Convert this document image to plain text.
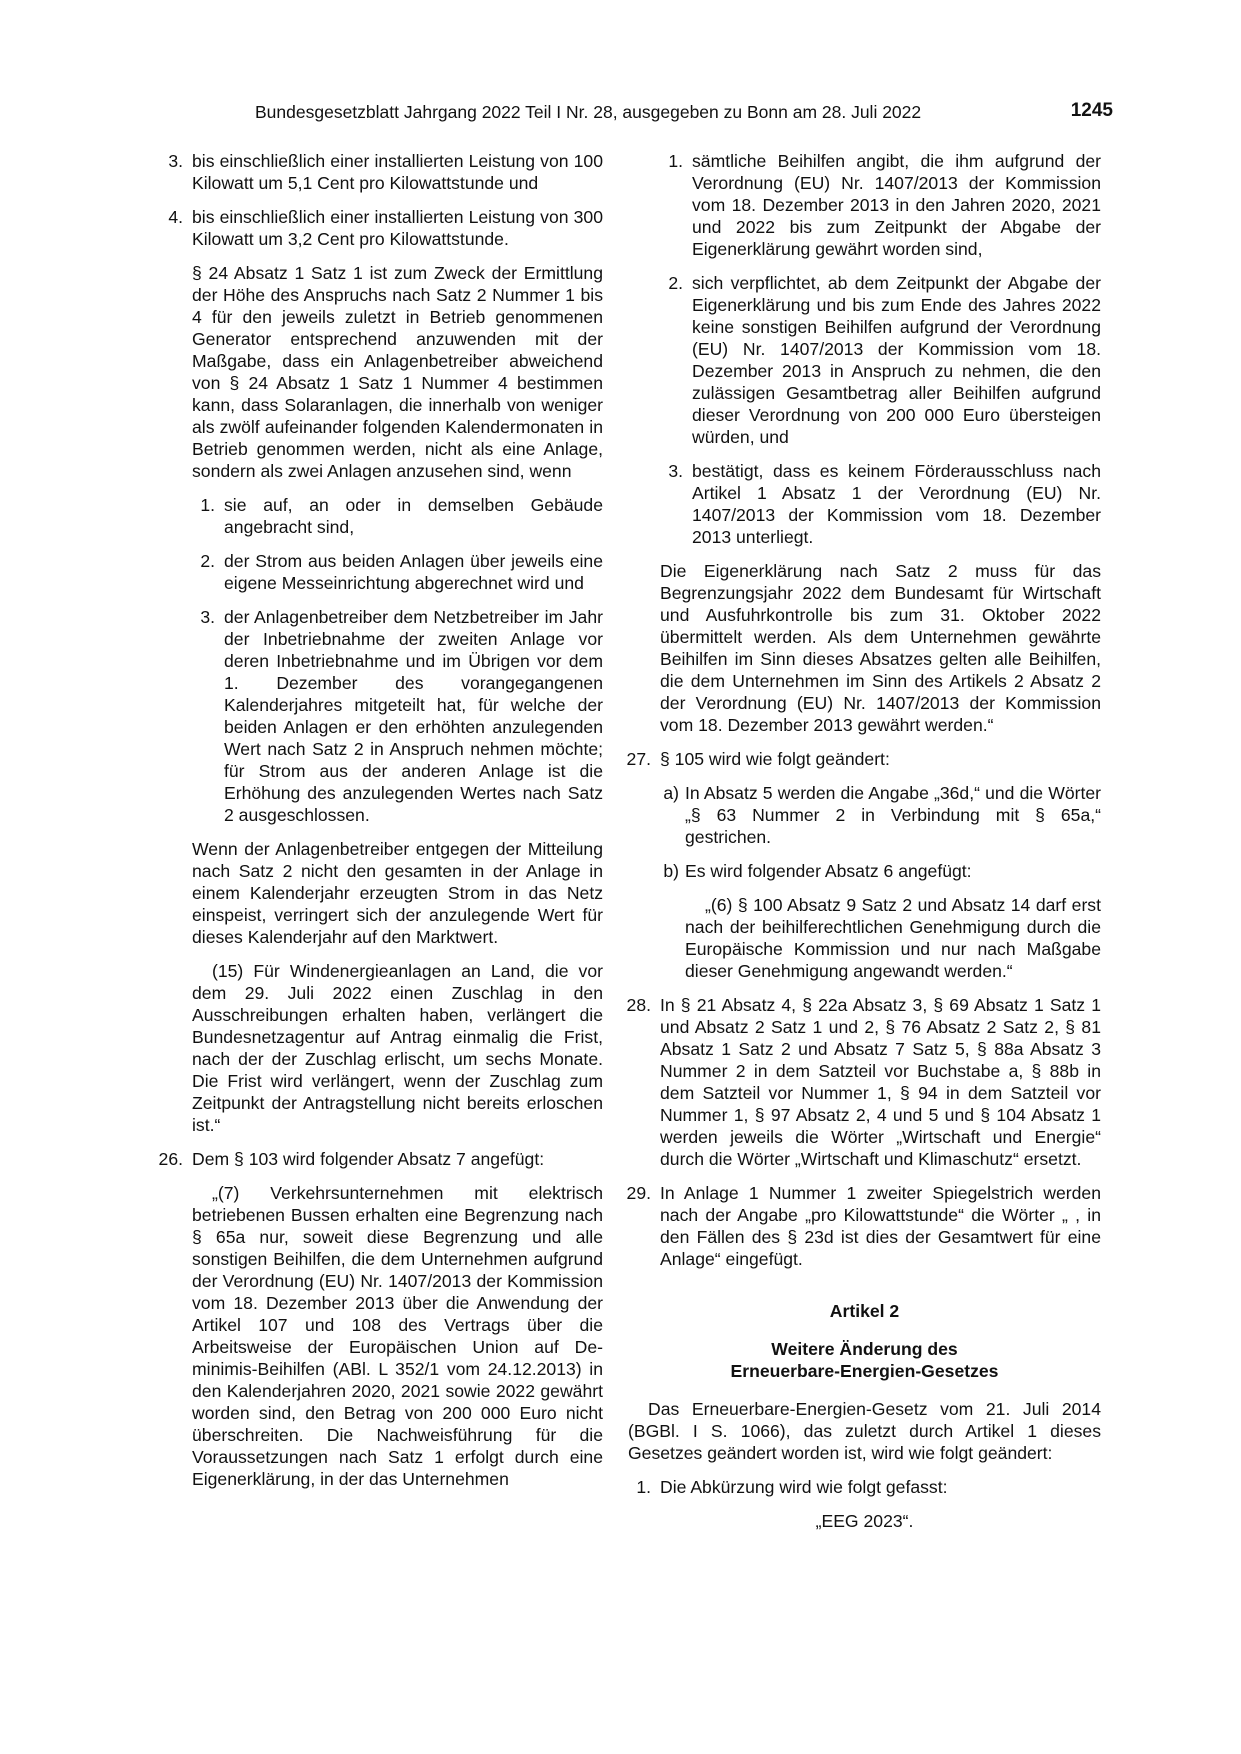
Bundesgesetzblatt Jahrgang 2022 Teil I Nr. 28, ausgegeben zu Bonn am 28. Juli 2022	1245
3. bis einschließlich einer installierten Leistung von 100 Kilowatt um 5,1 Cent pro Kilowattstunde und

4. bis einschließlich einer installierten Leistung von 300 Kilowatt um 3,2 Cent pro Kilowattstunde.

§ 24 Absatz 1 Satz 1 ist zum Zweck der Ermittlung der Höhe des Anspruchs nach Satz 2 Nummer 1 bis 4 für den jeweils zuletzt in Betrieb genommenen Generator entsprechend anzuwenden mit der Maßgabe, dass ein Anlagenbetreiber abweichend von § 24 Absatz 1 Satz 1 Nummer 4 bestimmen kann, dass Solaranlagen, die innerhalb von weniger als zwölf aufeinander folgenden Kalendermonaten in Betrieb genommen werden, nicht als eine Anlage, sondern als zwei Anlagen anzusehen sind, wenn

1. sie auf, an oder in demselben Gebäude angebracht sind,

2. der Strom aus beiden Anlagen über jeweils eine eigene Messeinrichtung abgerechnet wird und

3. der Anlagenbetreiber dem Netzbetreiber im Jahr der Inbetriebnahme der zweiten Anlage vor deren Inbetriebnahme und im Übrigen vor dem 1. Dezember des vorangegangenen Kalenderjahres mitgeteilt hat, für welche der beiden Anlagen er den erhöhten anzulegenden Wert nach Satz 2 in Anspruch nehmen möchte; für Strom aus der anderen Anlage ist die Erhöhung des anzulegenden Wertes nach Satz 2 ausgeschlossen.

Wenn der Anlagenbetreiber entgegen der Mitteilung nach Satz 2 nicht den gesamten in der Anlage in einem Kalenderjahr erzeugten Strom in das Netz einspeist, verringert sich der anzulegende Wert für dieses Kalenderjahr auf den Marktwert.

(15) Für Windenergieanlagen an Land, die vor dem 29. Juli 2022 einen Zuschlag in den Ausschreibungen erhalten haben, verlängert die Bundesnetzagentur auf Antrag einmalig die Frist, nach der der Zuschlag erlischt, um sechs Monate. Die Frist wird verlängert, wenn der Zuschlag zum Zeitpunkt der Antragstellung nicht bereits erloschen ist.“

26. Dem § 103 wird folgender Absatz 7 angefügt:

„(7) Verkehrsunternehmen mit elektrisch betriebenen Bussen erhalten eine Begrenzung nach § 65a nur, soweit diese Begrenzung und alle sonstigen Beihilfen, die dem Unternehmen aufgrund der Verordnung (EU) Nr. 1407/2013 der Kommission vom 18. Dezember 2013 über die Anwendung der Artikel 107 und 108 des Vertrags über die Arbeitsweise der Europäischen Union auf De-minimis-Beihilfen (ABl. L 352/1 vom 24.12.2013) in den Kalenderjahren 2020, 2021 sowie 2022 gewährt worden sind, den Betrag von 200 000 Euro nicht überschreiten. Die Nachweisführung für die Voraussetzungen nach Satz 1 erfolgt durch eine Eigenerklärung, in der das Unternehmen

1. sämtliche Beihilfen angibt, die ihm aufgrund der Verordnung (EU) Nr. 1407/2013 der Kommission vom 18. Dezember 2013 in den Jahren 2020, 2021 und 2022 bis zum Zeitpunkt der Abgabe der Eigenerklärung gewährt worden sind,

2. sich verpflichtet, ab dem Zeitpunkt der Abgabe der Eigenerklärung und bis zum Ende des Jahres 2022 keine sonstigen Beihilfen aufgrund der Verordnung (EU) Nr. 1407/2013 der Kommission vom 18. Dezember 2013 in Anspruch zu nehmen, die den zulässigen Gesamtbetrag aller Beihilfen aufgrund dieser Verordnung von 200 000 Euro übersteigen würden, und

3. bestätigt, dass es keinem Förderausschluss nach Artikel 1 Absatz 1 der Verordnung (EU) Nr. 1407/2013 der Kommission vom 18. Dezember 2013 unterliegt.

Die Eigenerklärung nach Satz 2 muss für das Begrenzungsjahr 2022 dem Bundesamt für Wirtschaft und Ausfuhrkontrolle bis zum 31. Oktober 2022 übermittelt werden. Als dem Unternehmen gewährte Beihilfen im Sinn dieses Absatzes gelten alle Beihilfen, die dem Unternehmen im Sinn des Artikels 2 Absatz 2 der Verordnung (EU) Nr. 1407/2013 der Kommission vom 18. Dezember 2013 gewährt werden.“

27. § 105 wird wie folgt geändert:

a) In Absatz 5 werden die Angabe „36d,“ und die Wörter „§ 63 Nummer 2 in Verbindung mit § 65a,“ gestrichen.

b) Es wird folgender Absatz 6 angefügt:

„(6) § 100 Absatz 9 Satz 2 und Absatz 14 darf erst nach der beihilferechtlichen Genehmigung durch die Europäische Kommission und nur nach Maßgabe dieser Genehmigung angewandt werden.“

28. In § 21 Absatz 4, § 22a Absatz 3, § 69 Absatz 1 Satz 1 und Absatz 2 Satz 1 und 2, § 76 Absatz 2 Satz 2, § 81 Absatz 1 Satz 2 und Absatz 7 Satz 5, § 88a Absatz 3 Nummer 2 in dem Satzteil vor Buchstabe a, § 88b in dem Satzteil vor Nummer 1, § 94 in dem Satzteil vor Nummer 1, § 97 Absatz 2, 4 und 5 und § 104 Absatz 1 werden jeweils die Wörter „Wirtschaft und Energie“ durch die Wörter „Wirtschaft und Klimaschutz“ ersetzt.

29. In Anlage 1 Nummer 1 zweiter Spiegelstrich werden nach der Angabe „pro Kilowattstunde“ die Wörter „ , in den Fällen des § 23d ist dies der Gesamtwert für eine Anlage“ eingefügt.

Artikel 2

Weitere Änderung des

Erneuerbare-Energien-Gesetzes

Das Erneuerbare-Energien-Gesetz vom 21. Juli 2014 (BGBl. I S. 1066), das zuletzt durch Artikel 1 dieses Gesetzes geändert worden ist, wird wie folgt geändert:

1. Die Abkürzung wird wie folgt gefasst:

„EEG 2023“.
